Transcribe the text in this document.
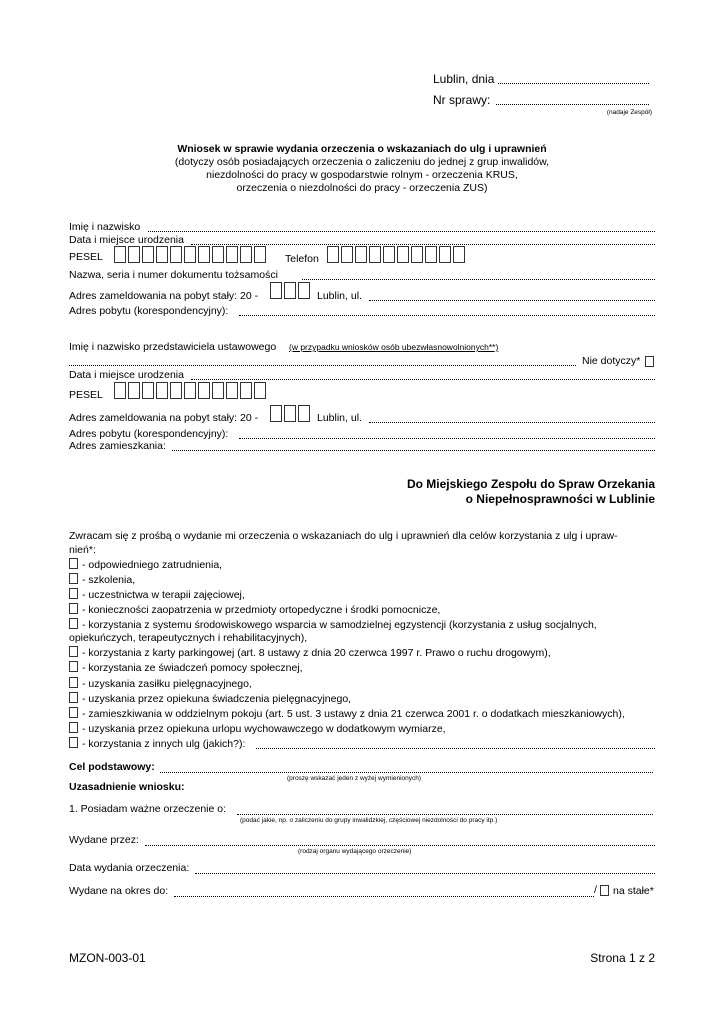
Lublin, dnia
Nr sprawy:
(nadaje Zespół)
Wniosek w sprawie wydania orzeczenia o wskazaniach do ulg i uprawnień
(dotyczy osób posiadających orzeczenia o zaliczeniu do jednej z grup inwalidów,
niezdolności do pracy w gospodarstwie rolnym - orzeczenia KRUS,
orzeczenia o niezdolności do pracy - orzeczenia ZUS)
Imię i nazwisko
Data i miejsce urodzenia
PESEL	Telefon
Nazwa, seria i numer dokumentu tożsamości
Adres zameldowania na pobyt stały: 20 -	Lublin, ul.
Adres pobytu (korespondencyjny):
Imię i nazwisko przedstawiciela ustawowego (w przypadku wniosków osób ubezwłasnowolnionych**)
Nie dotyczy*
Data i miejsce urodzenia
PESEL
Adres zameldowania na pobyt stały: 20 -	Lublin, ul.
Adres pobytu (korespondencyjny):
Adres zamieszkania:
Do Miejskiego Zespołu do Spraw Orzekania
o Niepełnosprawności w Lublinie
Zwracam się z prośbą o wydanie mi orzeczenia o wskazaniach do ulg i uprawnień dla celów korzystania z ulg i upraw-
nień*:
- odpowiedniego zatrudnienia,
- szkolenia,
- uczestnictwa w terapii zajęciowej,
- konieczności zaopatrzenia w przedmioty ortopedyczne i środki pomocnicze,
- korzystania z systemu środowiskowego wsparcia w samodzielnej egzystencji (korzystania z usług socjalnych,
opiekuńczych, terapeutycznych i rehabilitacyjnych),
- korzystania z karty parkingowej (art. 8 ustawy z dnia 20 czerwca 1997 r. Prawo o ruchu drogowym),
- korzystania ze świadczeń pomocy społecznej,
- uzyskania zasiłku pielęgnacyjnego,
- uzyskania przez opiekuna świadczenia pielęgnacyjnego,
- zamieszkiwania w oddzielnym pokoju (art. 5 ust. 3 ustawy z dnia 21 czerwca 2001 r. o dodatkach mieszkaniowych),
- uzyskania przez opiekuna urlopu wychowawczego w dodatkowym wymiarze,
- korzystania z innych ulg (jakich?):
Cel podstawowy:
(proszę wskazać jeden z wyżej wymienionych)
Uzasadnienie wniosku:
1. Posiadam ważne orzeczenie o:
(podać jakie, np. o zaliczeniu do grupy inwalidzkiej, częściowej niezdolności do pracy itp.)
Wydane przez:
(rodzaj organu wydającego orzeczenie)
Data wydania orzeczenia:
Wydane na okres do:	/ na stałe*
MZON-003-01	Strona 1 z 2
